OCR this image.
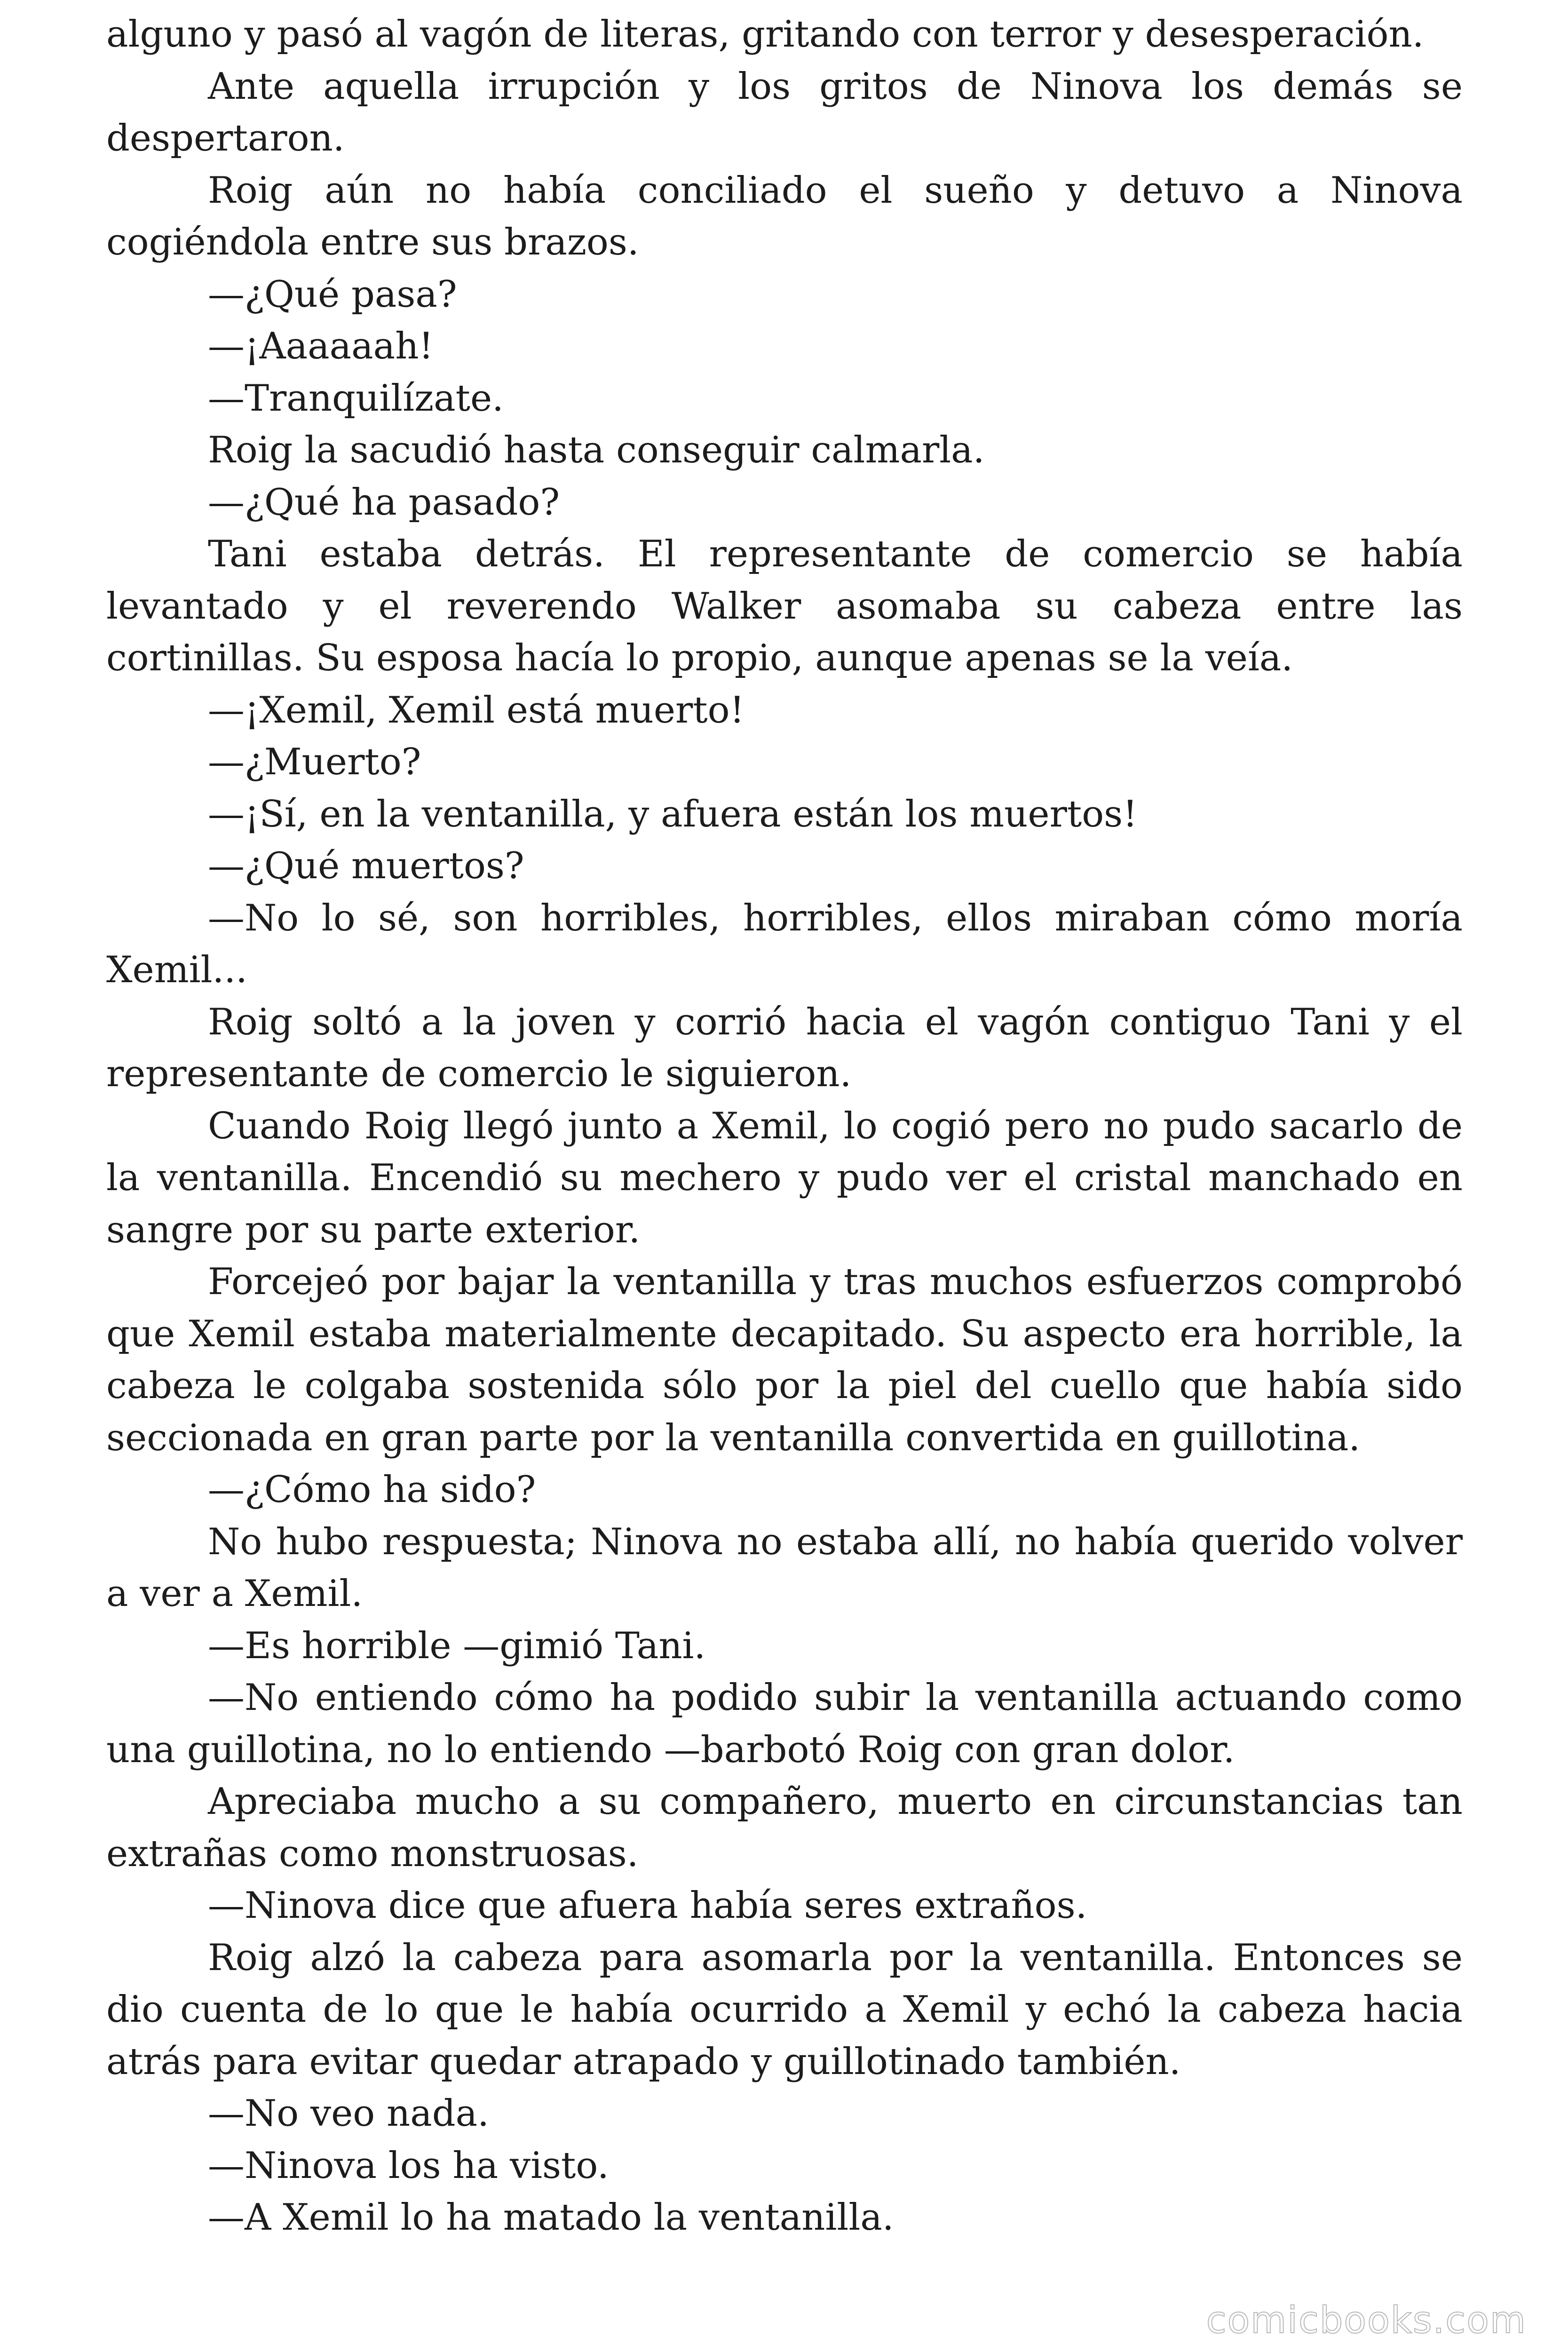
alguno y pasó al vagón de literas, gritando con terror y desesperación.

Ante aquella irrupción y los gritos de Ninova los demás se despertaron.

Roig aún no había conciliado el sueño y detuvo a Ninova cogiéndola entre sus brazos.

—¿Qué pasa?

—¡Aaaaaah!

—Tranquilízate.

Roig la sacudió hasta conseguir calmarla.

—¿Qué ha pasado?

Tani estaba detrás. El representante de comercio se había levantado y el reverendo Walker asomaba su cabeza entre las cortinillas. Su esposa hacía lo propio, aunque apenas se la veía.

—¡Xemil, Xemil está muerto!

—¿Muerto?

—¡Sí, en la ventanilla, y afuera están los muertos!

—¿Qué muertos?

—No lo sé, son horribles, horribles, ellos miraban cómo moría Xemil...

Roig soltó a la joven y corrió hacia el vagón contiguo Tani y el representante de comercio le siguieron.

Cuando Roig llegó junto a Xemil, lo cogió pero no pudo sacarlo de la ventanilla. Encendió su mechero y pudo ver el cristal manchado en sangre por su parte exterior.

Forcejeó por bajar la ventanilla y tras muchos esfuerzos comprobó que Xemil estaba materialmente decapitado. Su aspecto era horrible, la cabeza le colgaba sostenida sólo por la piel del cuello que había sido seccionada en gran parte por la ventanilla convertida en guillotina.

—¿Cómo ha sido?

No hubo respuesta; Ninova no estaba allí, no había querido volver a ver a Xemil.

—Es horrible —gimió Tani.

—No entiendo cómo ha podido subir la ventanilla actuando como una guillotina, no lo entiendo —barbotó Roig con gran dolor.

Apreciaba mucho a su compañero, muerto en circunstancias tan extrañas como monstruosas.

—Ninova dice que afuera había seres extraños.

Roig alzó la cabeza para asomarla por la ventanilla. Entonces se dio cuenta de lo que le había ocurrido a Xemil y echó la cabeza hacia atrás para evitar quedar atrapado y guillotinado también.

—No veo nada.

—Ninova los ha visto.

—A Xemil lo ha matado la ventanilla.

comicbooks.com
